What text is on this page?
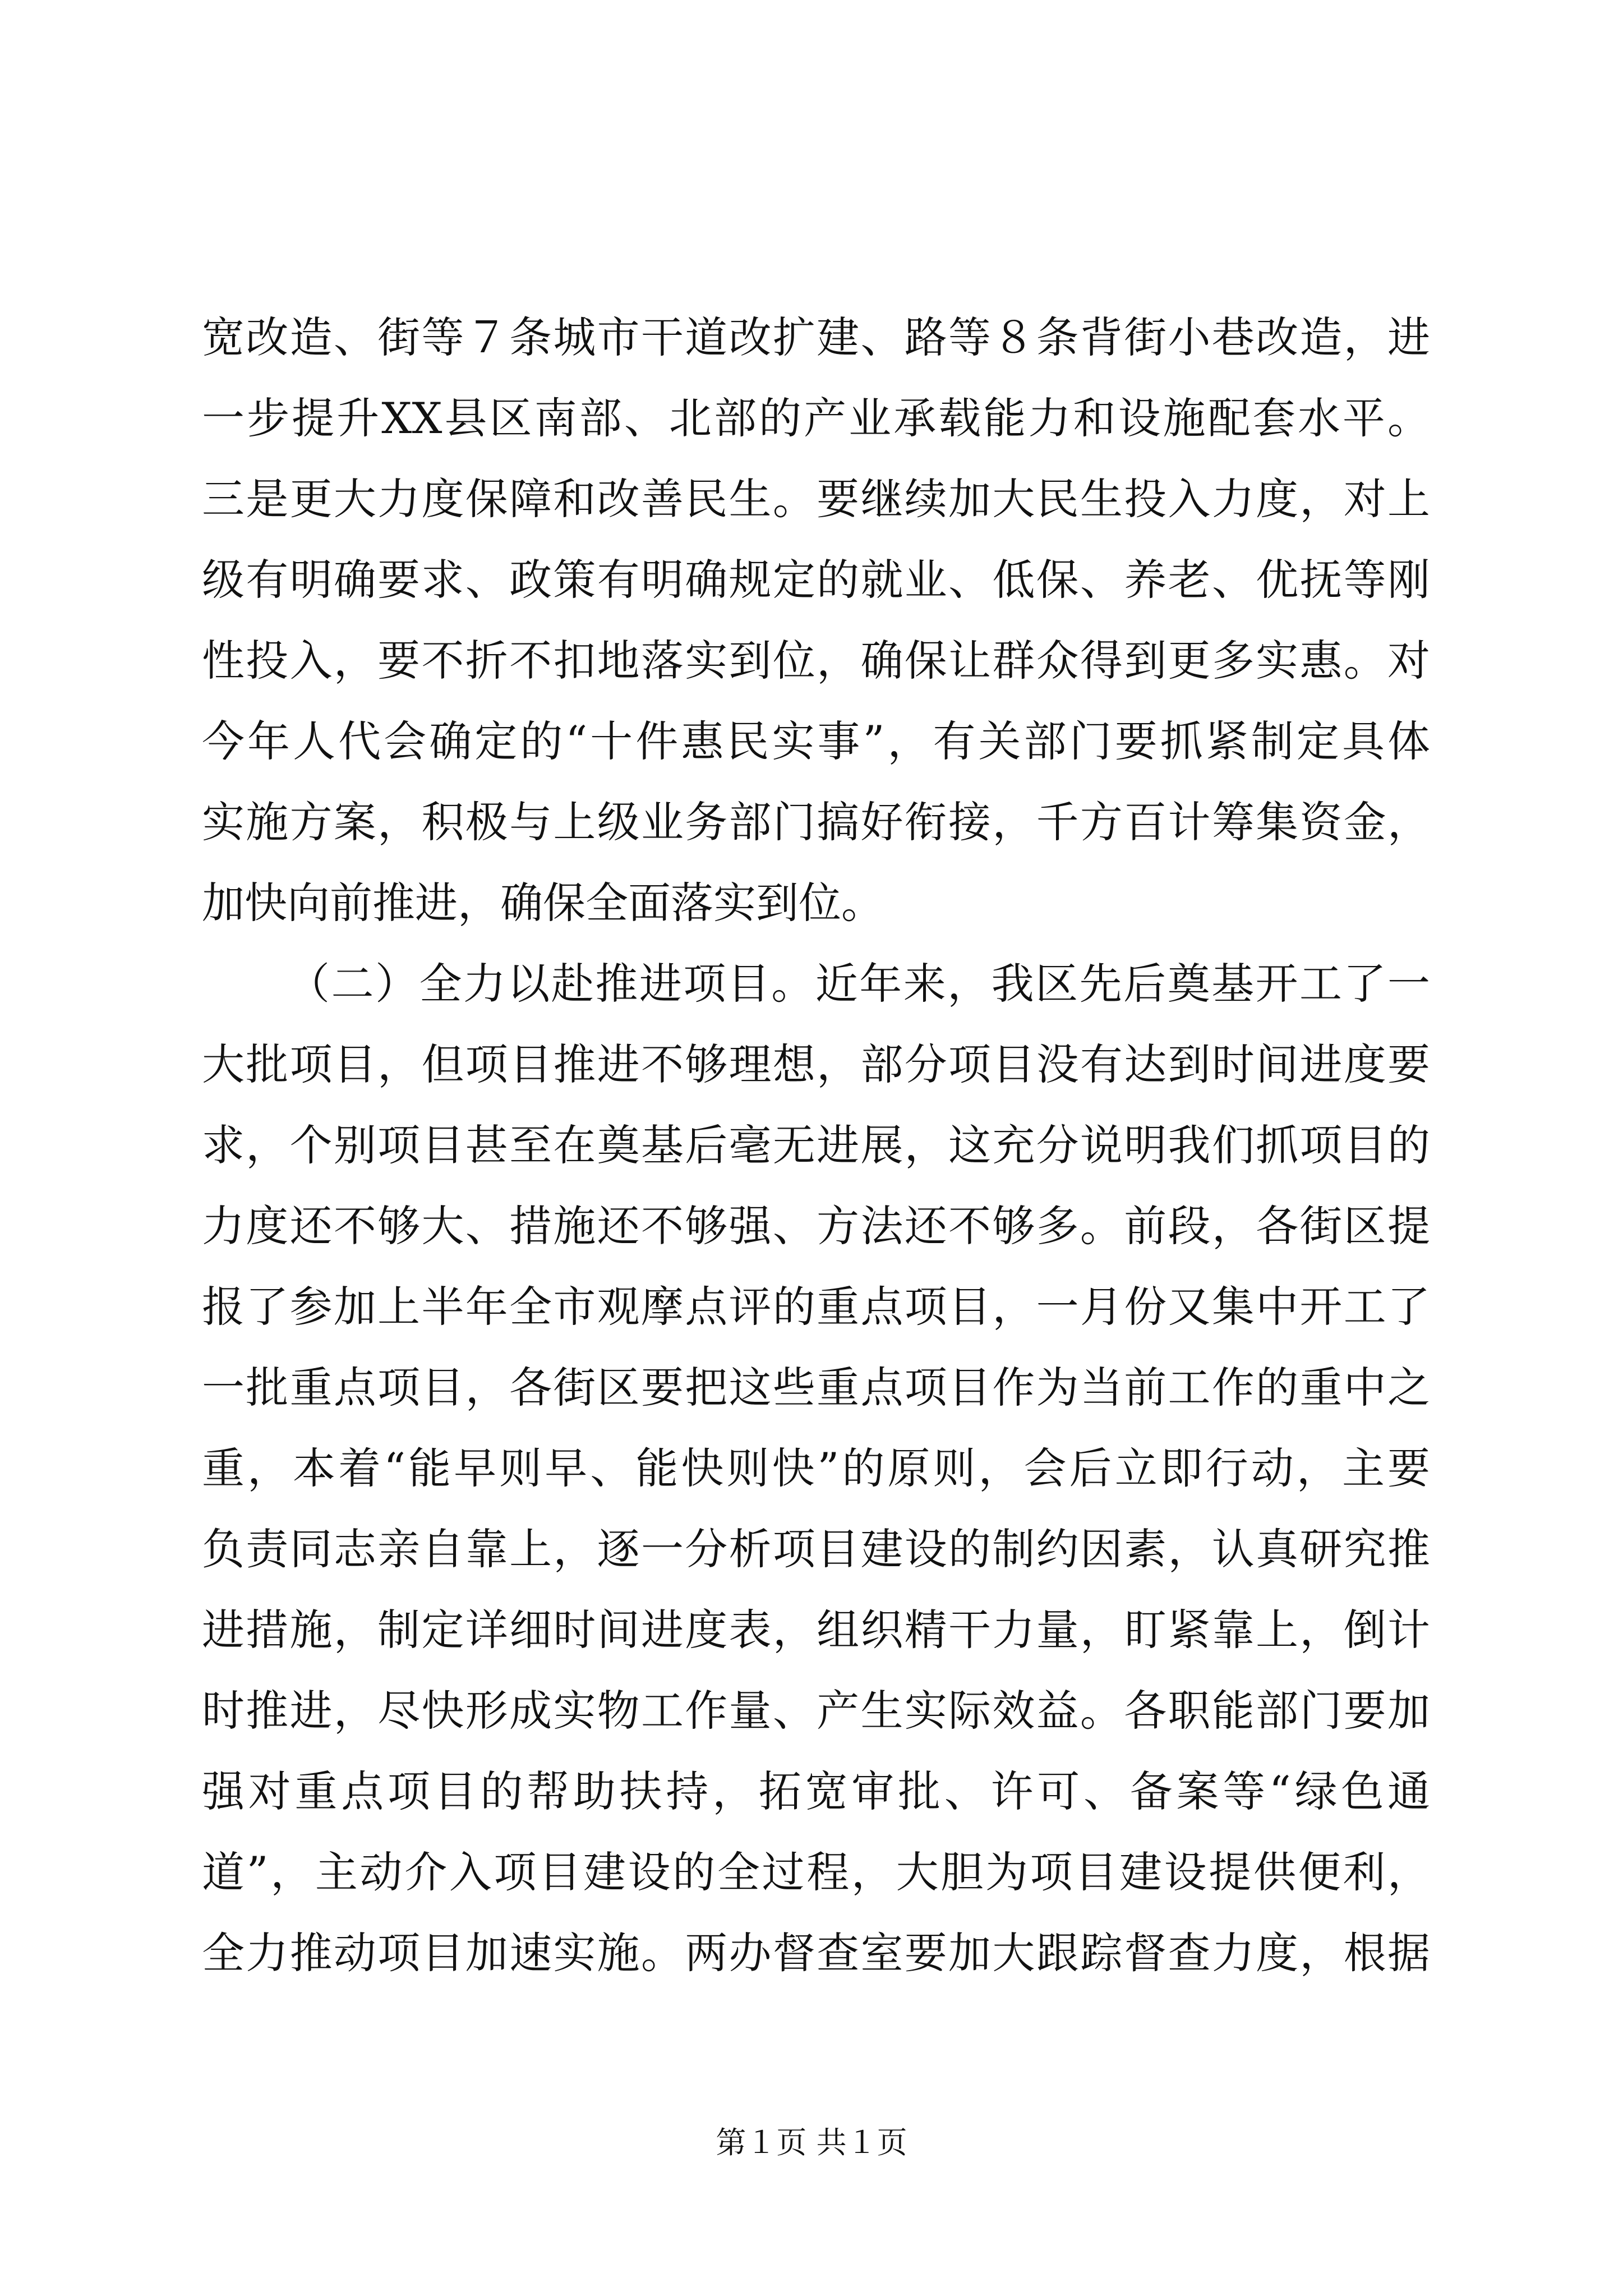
宽改造、街等７条城市干道改扩建、路等８条背街小巷改造，进
一步提升XX县区南部、北部的产业承载能力和设施配套水平。
三是更大力度保障和改善民生。要继续加大民生投入力度，对上
级有明确要求、政策有明确规定的就业、低保、养老、优抚等刚
性投入，要不折不扣地落实到位，确保让群众得到更多实惠。对
今年人代会确定的“十件惠民实事”，有关部门要抓紧制定具体
实施方案，积极与上级业务部门搞好衔接，千方百计筹集资金，
加快向前推进，确保全面落实到位。
（二）全力以赴推进项目。近年来，我区先后奠基开工了一
大批项目，但项目推进不够理想，部分项目没有达到时间进度要
求，个别项目甚至在奠基后毫无进展，这充分说明我们抓项目的
力度还不够大、措施还不够强、方法还不够多。前段，各街区提
报了参加上半年全市观摩点评的重点项目，一月份又集中开工了
一批重点项目，各街区要把这些重点项目作为当前工作的重中之
重，本着“能早则早、能快则快”的原则，会后立即行动，主要
负责同志亲自靠上，逐一分析项目建设的制约因素，认真研究推
进措施，制定详细时间进度表，组织精干力量，盯紧靠上，倒计
时推进，尽快形成实物工作量、产生实际效益。各职能部门要加
强对重点项目的帮助扶持，拓宽审批、许可、备案等“绿色通
道”，主动介入项目建设的全过程，大胆为项目建设提供便利，
全力推动项目加速实施。两办督查室要加大跟踪督查力度，根据
第１页 共１页
